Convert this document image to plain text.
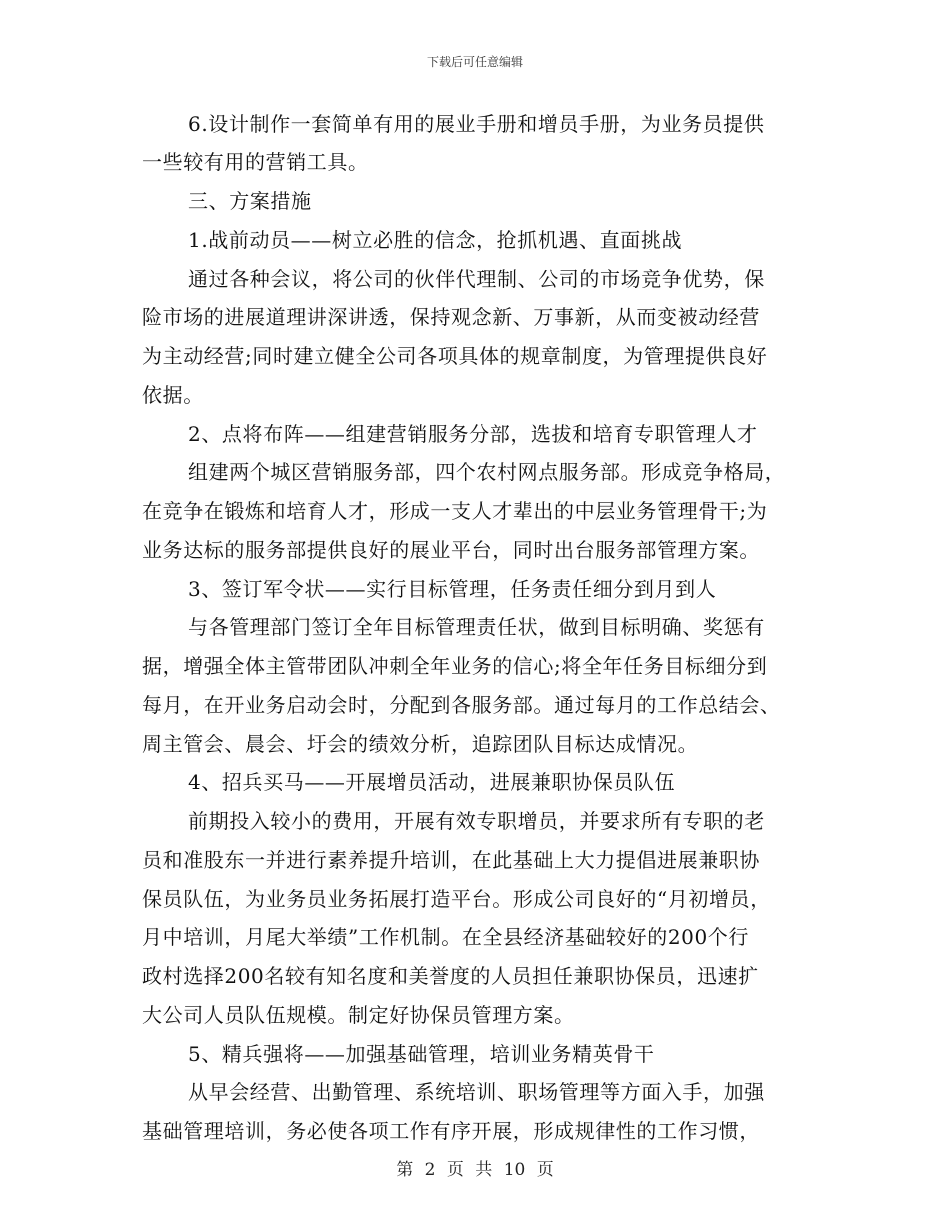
下载后可任意编辑
6.设计制作一套简单有用的展业手册和增员手册，为业务员提供
一些较有用的营销工具。
三、方案措施
1.战前动员——树立必胜的信念，抢抓机遇、直面挑战
通过各种会议，将公司的伙伴代理制、公司的市场竞争优势，保
险市场的进展道理讲深讲透，保持观念新、万事新，从而变被动经营
为主动经营;同时建立健全公司各项具体的规章制度，为管理提供良好
依据。
2、点将布阵——组建营销服务分部，选拔和培育专职管理人才
组建两个城区营销服务部，四个农村网点服务部。形成竞争格局，
在竞争在锻炼和培育人才，形成一支人才辈出的中层业务管理骨干;为
业务达标的服务部提供良好的展业平台，同时出台服务部管理方案。
3、签订军令状——实行目标管理，任务责任细分到月到人
与各管理部门签订全年目标管理责任状，做到目标明确、奖惩有
据，增强全体主管带团队冲刺全年业务的信心;将全年任务目标细分到
每月，在开业务启动会时，分配到各服务部。通过每月的工作总结会、
周主管会、晨会、圩会的绩效分析，追踪团队目标达成情况。
4、招兵买马——开展增员活动，进展兼职协保员队伍
前期投入较小的费用，开展有效专职增员，并要求所有专职的老
员和准股东一并进行素养提升培训，在此基础上大力提倡进展兼职协
保员队伍，为业务员业务拓展打造平台。形成公司良好的“月初增员，
月中培训，月尾大举绩”工作机制。在全县经济基础较好的200个行
政村选择200名较有知名度和美誉度的人员担任兼职协保员，迅速扩
大公司人员队伍规模。制定好协保员管理方案。
5、精兵强将——加强基础管理，培训业务精英骨干
从早会经营、出勤管理、系统培训、职场管理等方面入手，加强
基础管理培训，务必使各项工作有序开展，形成规律性的工作习惯，
第 2 页 共 10 页
